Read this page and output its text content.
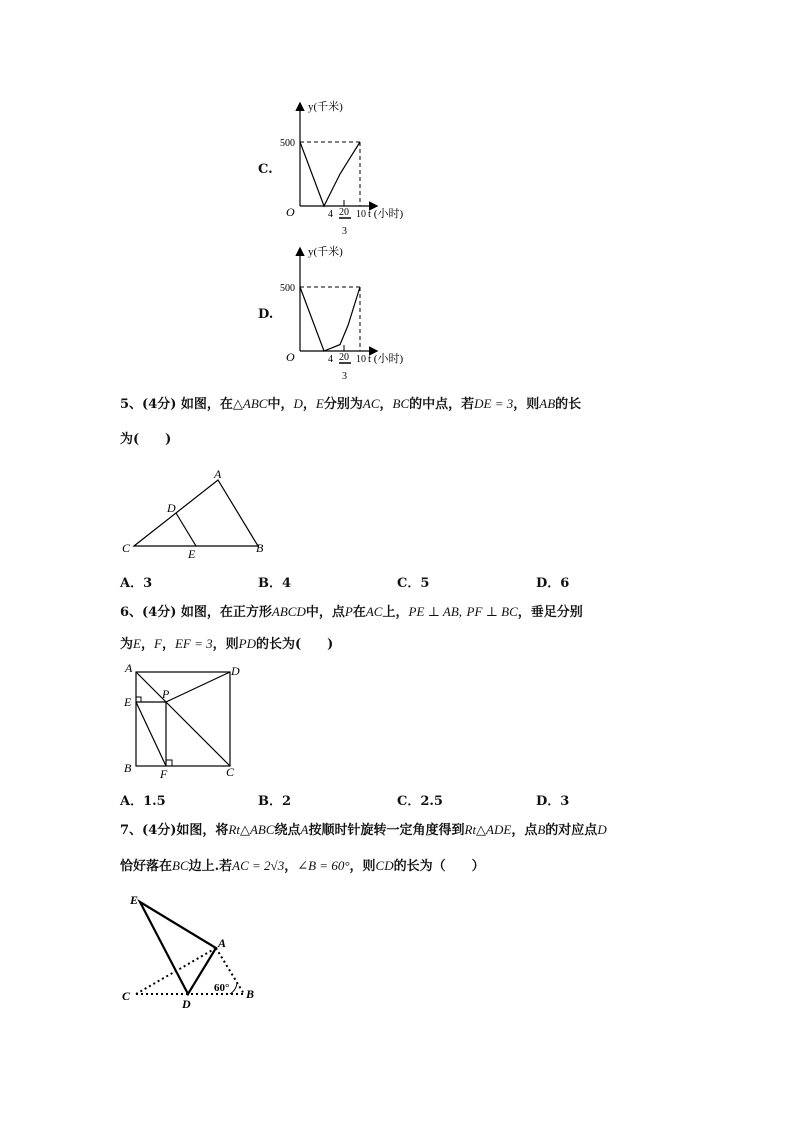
C.
y(千米)
500
O	4 20
3
10 t (小时)
D.
y(千米)
500
O	4 20
3
10 t (小时)
5、(4分) 如图，在△ABC中，D，E分别为AC，BC的中点，若DE = 3，则AB的长
为(　　)
A
C	B
D
E
A．3	B．4	C．5	D．6
6、(4分) 如图，在正方形ABCD中，点P在AC上，PE ⊥ AB, PF ⊥ BC，垂足分别
为E，F，EF = 3，则PD的长为(　　)
A	D
E
P
B F	C
A．1.5	B．2	C．2.5	D．3
7、(4分)如图，将Rt△ABC绕点A按顺时针旋转一定角度得到Rt△ADE，点B的对应点D
恰好落在BC边上.若AC = 2√3，∠B = 60°，则CD的长为（　　）
E
A
C
D
B
60°
